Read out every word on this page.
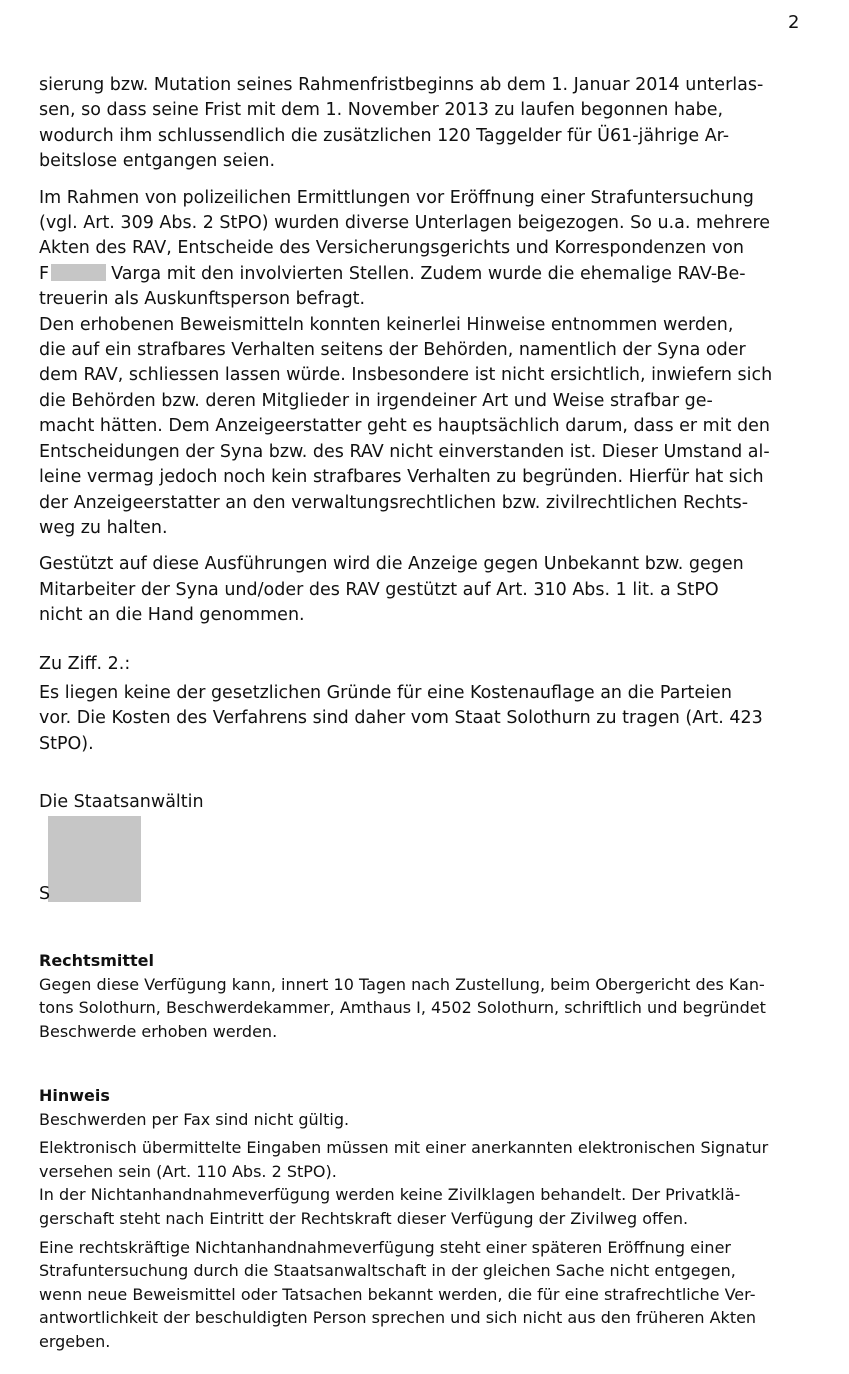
2

sierung bzw. Mutation seines Rahmenfristbeginns ab dem 1. Januar 2014 unterlas-
sen, so dass seine Frist mit dem 1. November 2013 zu laufen begonnen habe,
wodurch ihm schlussendlich die zusätzlichen 120 Taggelder für Ü61-jährige Ar-
beitslose entgangen seien.

Im Rahmen von polizeilichen Ermittlungen vor Eröffnung einer Strafuntersuchung
(vgl. Art. 309 Abs. 2 StPO) wurden diverse Unterlagen beigezogen. So u.a. mehrere
Akten des RAV, Entscheide des Versicherungsgerichts und Korrespondenzen von
F	Varga mit den involvierten Stellen. Zudem wurde die ehemalige RAV-Be-
treuerin als Auskunftsperson befragt.

Den erhobenen Beweismitteln konnten keinerlei Hinweise entnommen werden,
die auf ein strafbares Verhalten seitens der Behörden, namentlich der Syna oder
dem RAV, schliessen lassen würde. Insbesondere ist nicht ersichtlich, inwiefern sich
die Behörden bzw. deren Mitglieder in irgendeiner Art und Weise strafbar ge-
macht hätten. Dem Anzeigeerstatter geht es hauptsächlich darum, dass er mit den
Entscheidungen der Syna bzw. des RAV nicht einverstanden ist. Dieser Umstand al-
leine vermag jedoch noch kein strafbares Verhalten zu begründen. Hierfür hat sich
der Anzeigeerstatter an den verwaltungsrechtlichen bzw. zivilrechtlichen Rechts-
weg zu halten.

Gestützt auf diese Ausführungen wird die Anzeige gegen Unbekannt bzw. gegen
Mitarbeiter der Syna und/oder des RAV gestützt auf Art. 310 Abs. 1 lit. a StPO
nicht an die Hand genommen.

Zu Ziff. 2.:

Es liegen keine der gesetzlichen Gründe für eine Kostenauflage an die Parteien
vor. Die Kosten des Verfahrens sind daher vom Staat Solothurn zu tragen (Art. 423
StPO).

Die Staatsanwältin
S
Rechtsmittel

Gegen diese Verfügung kann, innert 10 Tagen nach Zustellung, beim Obergericht des Kan-
tons Solothurn, Beschwerdekammer, Amthaus I, 4502 Solothurn, schriftlich und begründet
Beschwerde erhoben werden.

Hinweis

Beschwerden per Fax sind nicht gültig.

Elektronisch übermittelte Eingaben müssen mit einer anerkannten elektronischen Signatur
versehen sein (Art. 110 Abs. 2 StPO).

In der Nichtanhandnahmeverfügung werden keine Zivilklagen behandelt. Der Privatklä-
gerschaft steht nach Eintritt der Rechtskraft dieser Verfügung der Zivilweg offen.

Eine rechtskräftige Nichtanhandnahmeverfügung steht einer späteren Eröffnung einer
Strafuntersuchung durch die Staatsanwaltschaft in der gleichen Sache nicht entgegen,
wenn neue Beweismittel oder Tatsachen bekannt werden, die für eine strafrechtliche Ver-
antwortlichkeit der beschuldigten Person sprechen und sich nicht aus den früheren Akten
ergeben.
